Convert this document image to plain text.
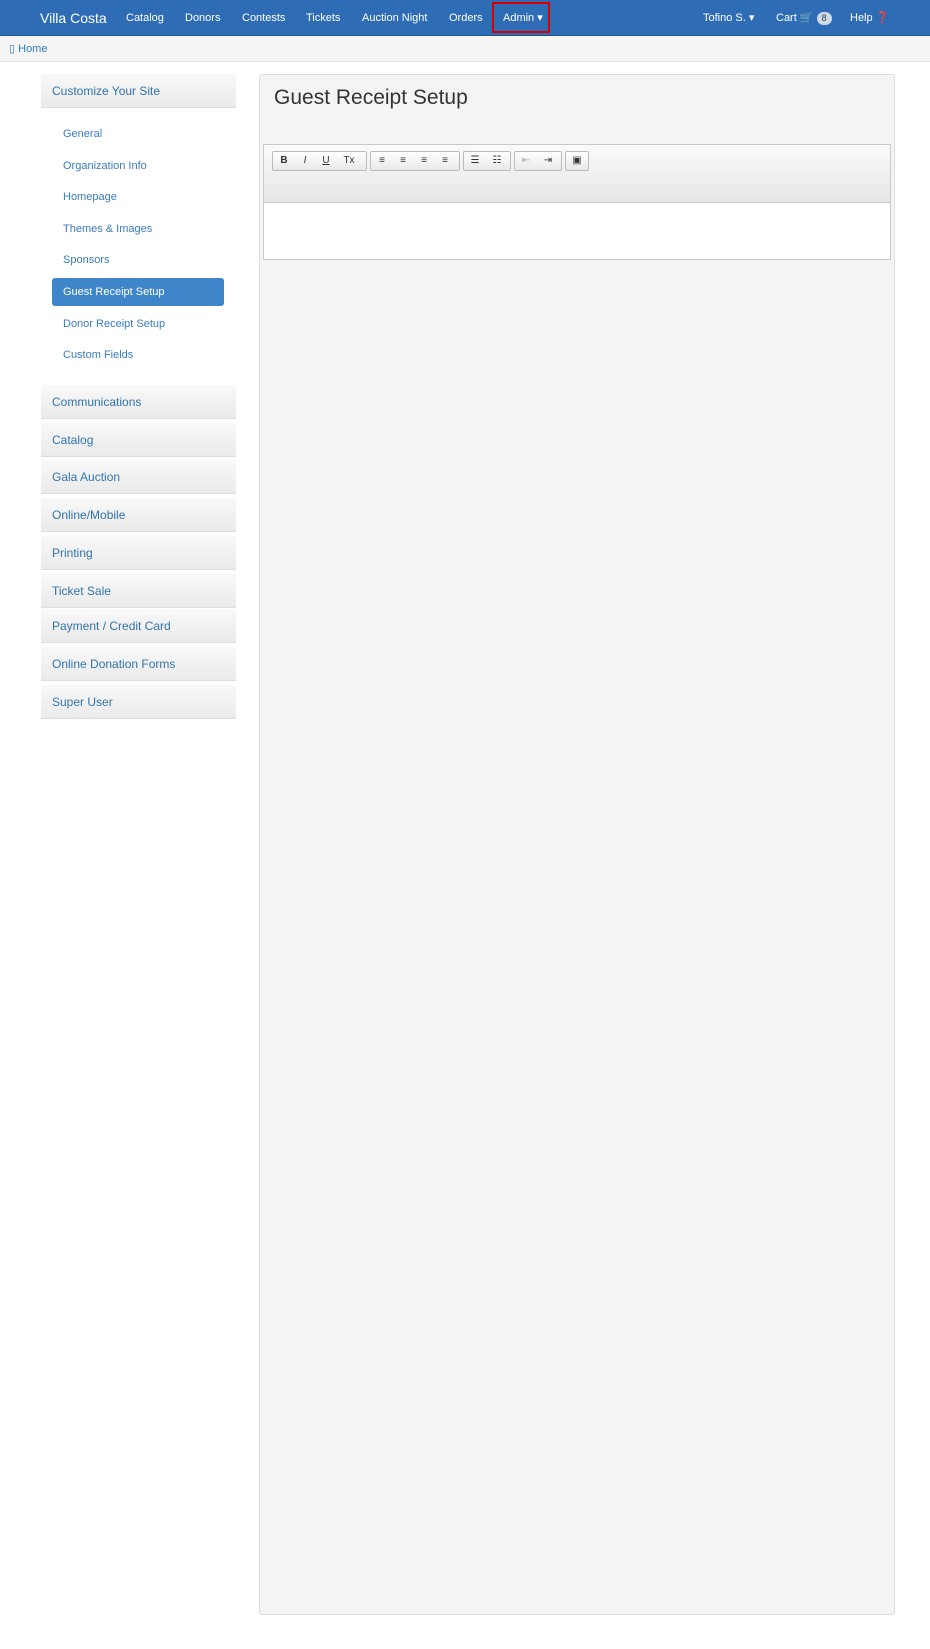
Villa Costa Catalog Donors Contests Tickets Auction Night Orders Admin ▾	Tofino S. ▾ Cart 🛒 8	Help ❓
▯ Home
Customize Your Site
General
Organization Info
Homepage
Themes & Images
Sponsors
Guest Receipt Setup
Donor Receipt Setup
Custom Fields
Communications
Catalog
Gala Auction
Online/Mobile
Printing
Ticket Sale
Payment / Credit Card
Online Donation Forms
Super User
Guest Receipt Setup
B	I	U	Tx	≡	≡	≡	≡	☰	☷	⇤	⇥	▣
